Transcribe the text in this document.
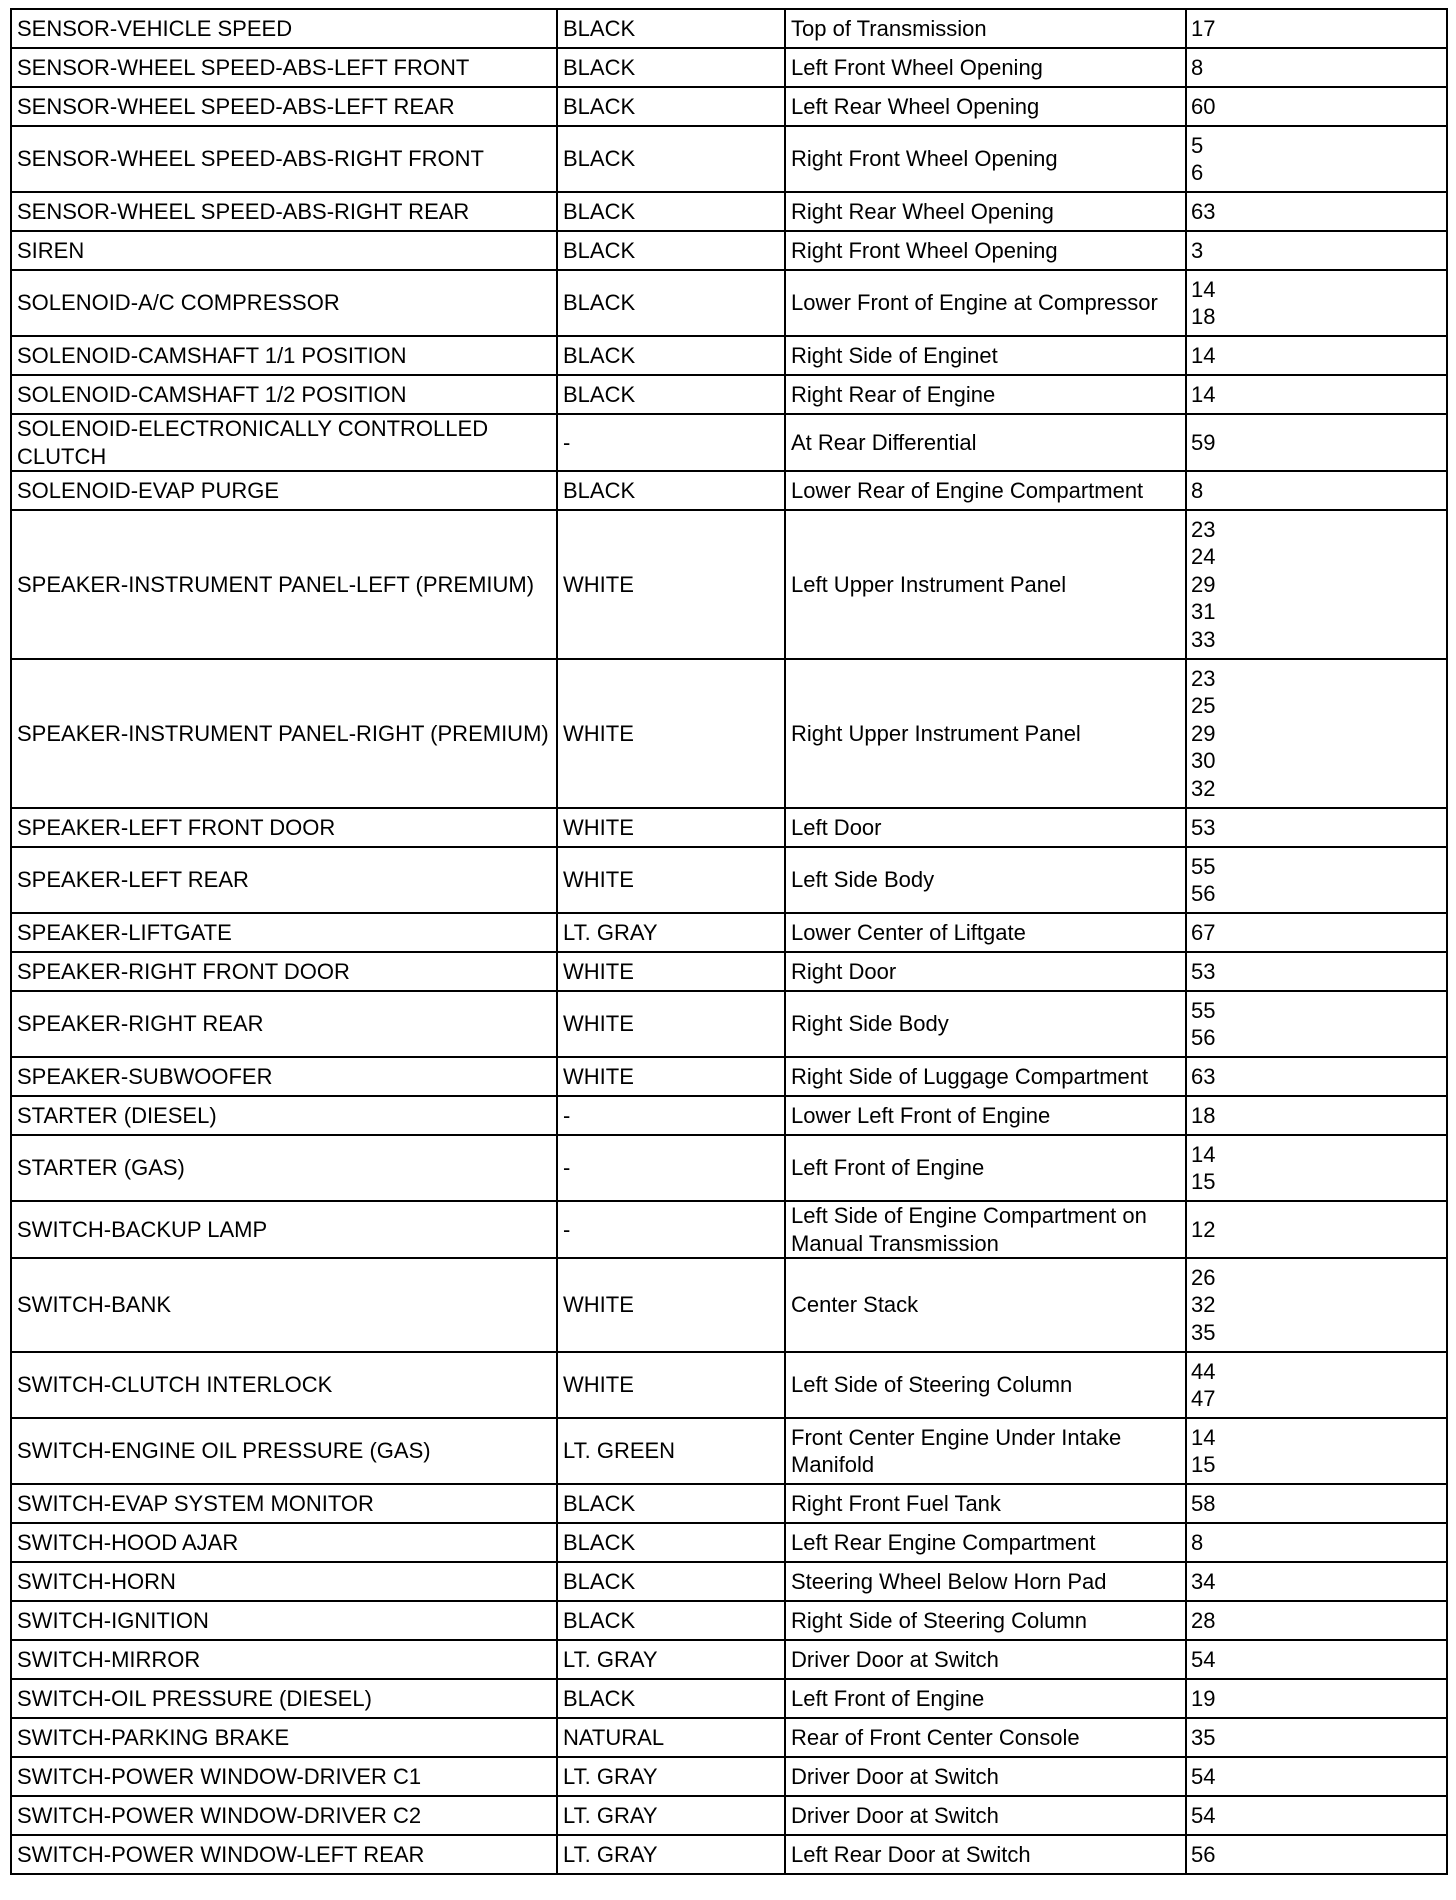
SENSOR-VEHICLE SPEED	BLACK	Top of Transmission	17

SENSOR-WHEEL SPEED-ABS-LEFT FRONT	BLACK	Left Front Wheel Opening	8

SENSOR-WHEEL SPEED-ABS-LEFT REAR	BLACK	Left Rear Wheel Opening	60

SENSOR-WHEEL SPEED-ABS-RIGHT FRONT	BLACK	Right Front Wheel Opening	5
6

SENSOR-WHEEL SPEED-ABS-RIGHT REAR	BLACK	Right Rear Wheel Opening	63

SIREN	BLACK	Right Front Wheel Opening	3

SOLENOID-A/C COMPRESSOR	BLACK	Lower Front of Engine at Compressor	14
18

SOLENOID-CAMSHAFT 1/1 POSITION	BLACK	Right Side of Enginet	14

SOLENOID-CAMSHAFT 1/2 POSITION	BLACK	Right Rear of Engine	14

SOLENOID-ELECTRONICALLY CONTROLLED CLUTCH	-	At Rear Differential	59

SOLENOID-EVAP PURGE	BLACK	Lower Rear of Engine Compartment	8

SPEAKER-INSTRUMENT PANEL-LEFT (PREMIUM)	WHITE	Left Upper Instrument Panel	23
24
29
31
33

SPEAKER-INSTRUMENT PANEL-RIGHT (PREMIUM)	WHITE	Right Upper Instrument Panel	23
25
29
30
32

SPEAKER-LEFT FRONT DOOR	WHITE	Left Door	53

SPEAKER-LEFT REAR	WHITE	Left Side Body	55
56

SPEAKER-LIFTGATE	LT. GRAY	Lower Center of Liftgate	67

SPEAKER-RIGHT FRONT DOOR	WHITE	Right Door	53

SPEAKER-RIGHT REAR	WHITE	Right Side Body	55
56

SPEAKER-SUBWOOFER	WHITE	Right Side of Luggage Compartment	63

STARTER (DIESEL)	-	Lower Left Front of Engine	18

STARTER (GAS)	-	Left Front of Engine	14
15

SWITCH-BACKUP LAMP	-	Left Side of Engine Compartment on Manual Transmission	12

SWITCH-BANK	WHITE	Center Stack	26
32
35

SWITCH-CLUTCH INTERLOCK	WHITE	Left Side of Steering Column	44
47

SWITCH-ENGINE OIL PRESSURE (GAS)	LT. GREEN	Front Center Engine Under Intake Manifold	14
15

SWITCH-EVAP SYSTEM MONITOR	BLACK	Right Front Fuel Tank	58

SWITCH-HOOD AJAR	BLACK	Left Rear Engine Compartment	8

SWITCH-HORN	BLACK	Steering Wheel Below Horn Pad	34

SWITCH-IGNITION	BLACK	Right Side of Steering Column	28

SWITCH-MIRROR	LT. GRAY	Driver Door at Switch	54

SWITCH-OIL PRESSURE (DIESEL)	BLACK	Left Front of Engine	19

SWITCH-PARKING BRAKE	NATURAL	Rear of Front Center Console	35

SWITCH-POWER WINDOW-DRIVER C1	LT. GRAY	Driver Door at Switch	54

SWITCH-POWER WINDOW-DRIVER C2	LT. GRAY	Driver Door at Switch	54

SWITCH-POWER WINDOW-LEFT REAR	LT. GRAY	Left Rear Door at Switch	56
